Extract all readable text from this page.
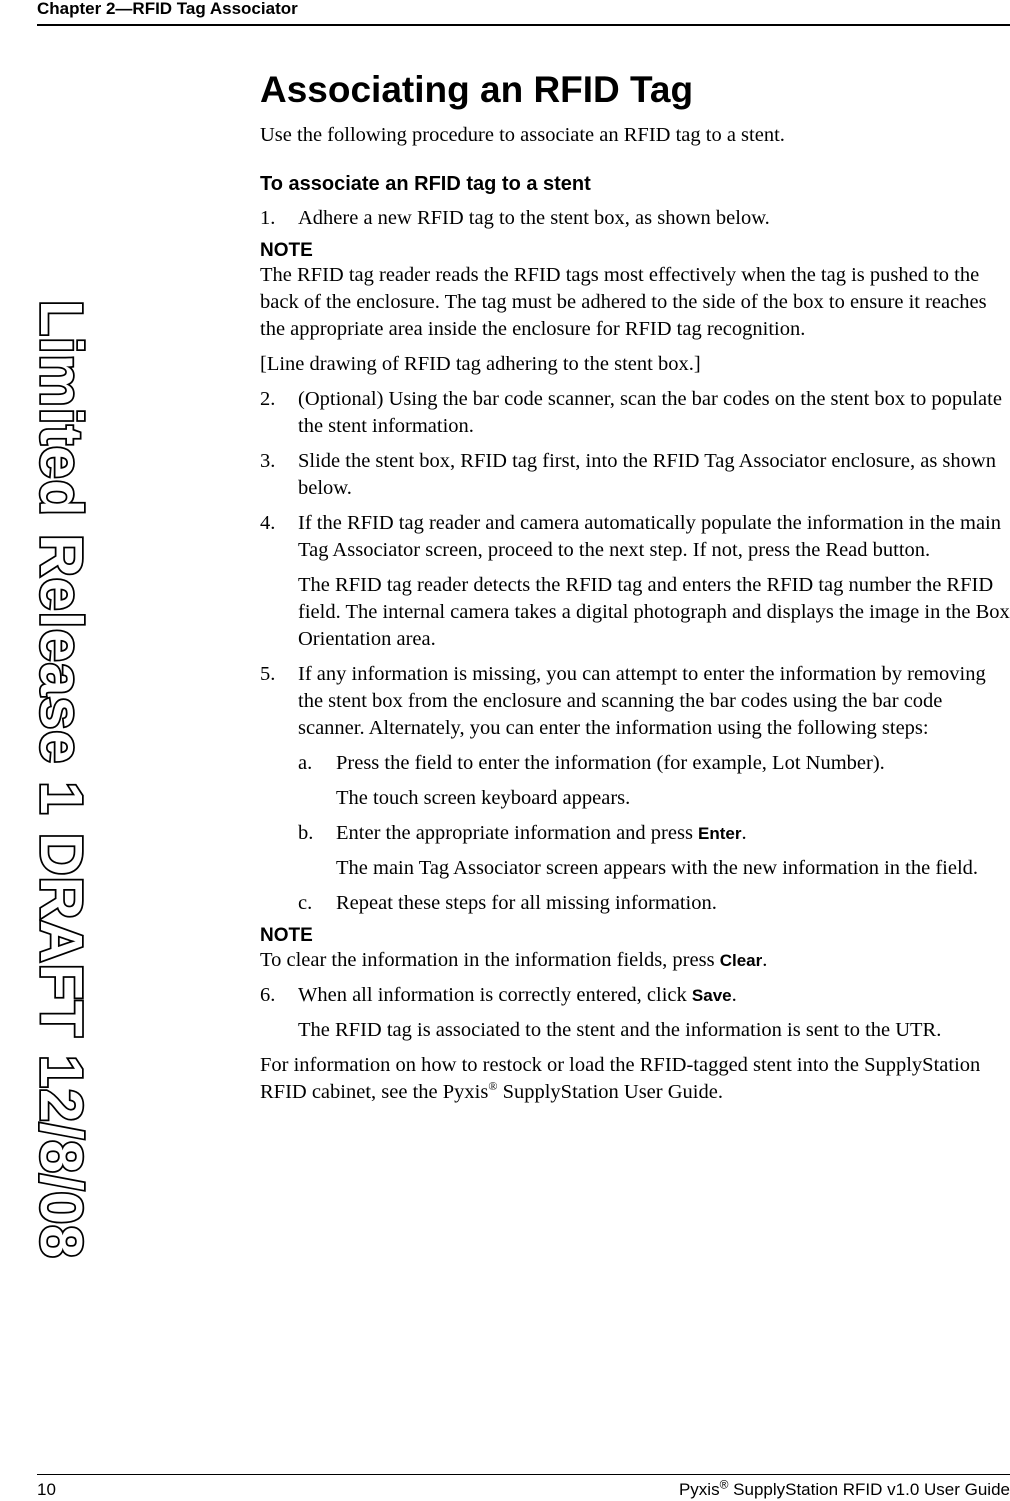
Chapter 2—RFID Tag Associator
Limited Release 1 DRAFT 12/8/08
Associating an RFID Tag

Use the following procedure to associate an RFID tag to a stent.

To associate an RFID tag to a stent
1. Adhere a new RFID tag to the stent box, as shown below.
NOTE

The RFID tag reader reads the RFID tags most effectively when the tag is pushed to the back of the enclosure. The tag must be adhered to the side of the box to ensure it reaches the appropriate area inside the enclosure for RFID tag recognition.

[Line drawing of RFID tag adhering to the stent box.]

2. (Optional) Using the bar code scanner, scan the bar codes on the stent box to populate the stent information.
3. Slide the stent box, RFID tag first, into the RFID Tag Associator enclosure, as shown below.
4. If the RFID tag reader and camera automatically populate the information in the main Tag Associator screen, proceed to the next step. If not, press the Read button.
The RFID tag reader detects the RFID tag and enters the RFID tag number the RFID field. The internal camera takes a digital photograph and displays the image in the Box Orientation area.
5. If any information is missing, you can attempt to enter the information by removing the stent box from the enclosure and scanning the bar codes using the bar code scanner. Alternately, you can enter the information using the following steps:
a. Press the field to enter the information (for example, Lot Number).
The touch screen keyboard appears.
b. Enter the appropriate information and press Enter.
The main Tag Associator screen appears with the new information in the field.
c. Repeat these steps for all missing information.
NOTE

To clear the information in the information fields, press Clear.

6. When all information is correctly entered, click Save.
The RFID tag is associated to the stent and the information is sent to the UTR.

For information on how to restock or load the RFID-tagged stent into the SupplyStation RFID cabinet, see the Pyxis® SupplyStation User Guide.

10	Pyxis® SupplyStation RFID v1.0 User Guide
